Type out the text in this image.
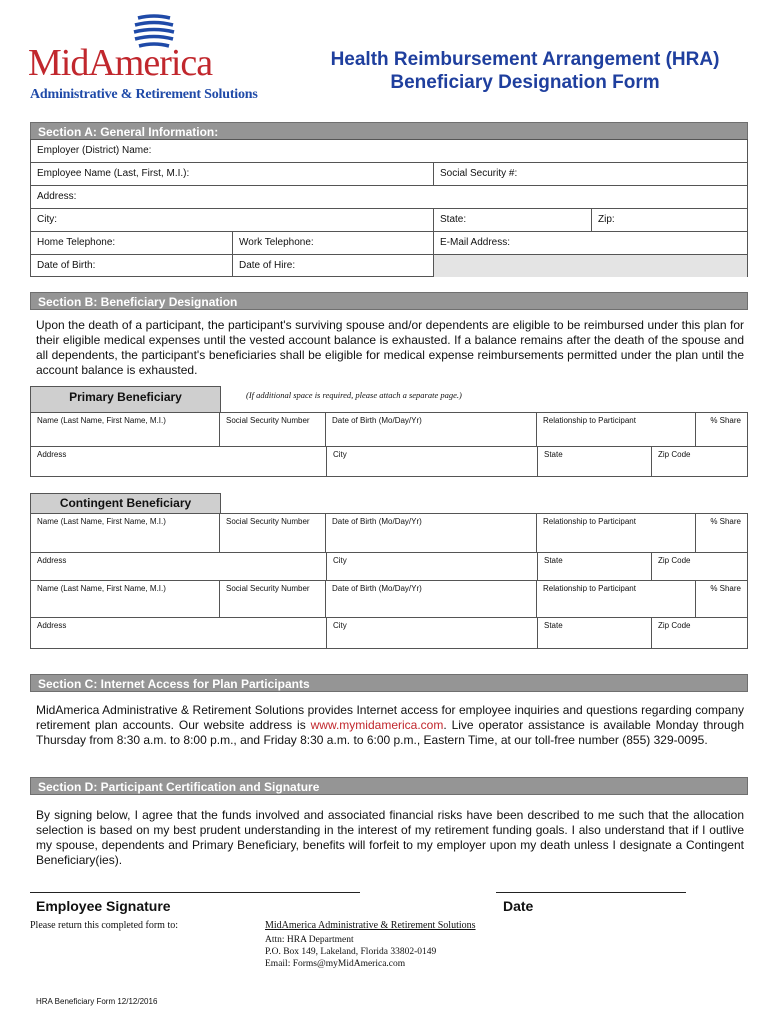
MidAmerica
Administrative & Retirement Solutions
Health Reimbursement Arrangement (HRA)
Beneficiary Designation Form
Section A: General Information:
Employer (District) Name:
Employee Name (Last, First, M.I.):	Social Security #:
Address:
City:	State:	Zip:
Home Telephone:	Work Telephone:	E-Mail Address:
Date of Birth:	Date of Hire:
Section B: Beneficiary Designation
Upon the death of a participant, the participant's surviving spouse and/or dependents are eligible to be reimbursed under this plan for their eligible medical expenses until the vested account balance is exhausted. If a balance remains after the death of the spouse and all dependents, the participant's beneficiaries shall be eligible for medical expense reimbursements permitted under the plan until the account balance is exhausted.
Primary Beneficiary	(If additional space is required, please attach a separate page.)
Name (Last Name, First Name, M.I.)	Social Security Number	Date of Birth (Mo/Day/Yr)	Relationship to Participant	% Share
Address	City	State	Zip Code
Contingent Beneficiary
Name (Last Name, First Name, M.I.)	Social Security Number	Date of Birth (Mo/Day/Yr)	Relationship to Participant	% Share
Address	City	State	Zip Code
Name (Last Name, First Name, M.I.)	Social Security Number	Date of Birth (Mo/Day/Yr)	Relationship to Participant	% Share
Address	City	State	Zip Code
Section C: Internet Access for Plan Participants
MidAmerica Administrative & Retirement Solutions provides Internet access for employee inquiries and questions regarding company retirement plan accounts. Our website address is www.mymidamerica.com. Live operator assistance is available Monday through Thursday from 8:30 a.m. to 8:00 p.m., and Friday 8:30 a.m. to 6:00 p.m., Eastern Time, at our toll-free number (855) 329-0095.
Section D: Participant Certification and Signature
By signing below, I agree that the funds involved and associated financial risks have been described to me such that the allocation selection is based on my best prudent understanding in the interest of my retirement funding goals. I also understand that if I outlive my spouse, dependents and Primary Beneficiary, benefits will forfeit to my employer upon my death unless I designate a Contingent Beneficiary(ies).
Employee Signature	Date
Please return this completed form to:	MidAmerica Administrative & Retirement Solutions
Attn: HRA Department
P.O. Box 149, Lakeland, Florida 33802-0149
Email: Forms@myMidAmerica.com
HRA Beneficiary Form 12/12/2016
